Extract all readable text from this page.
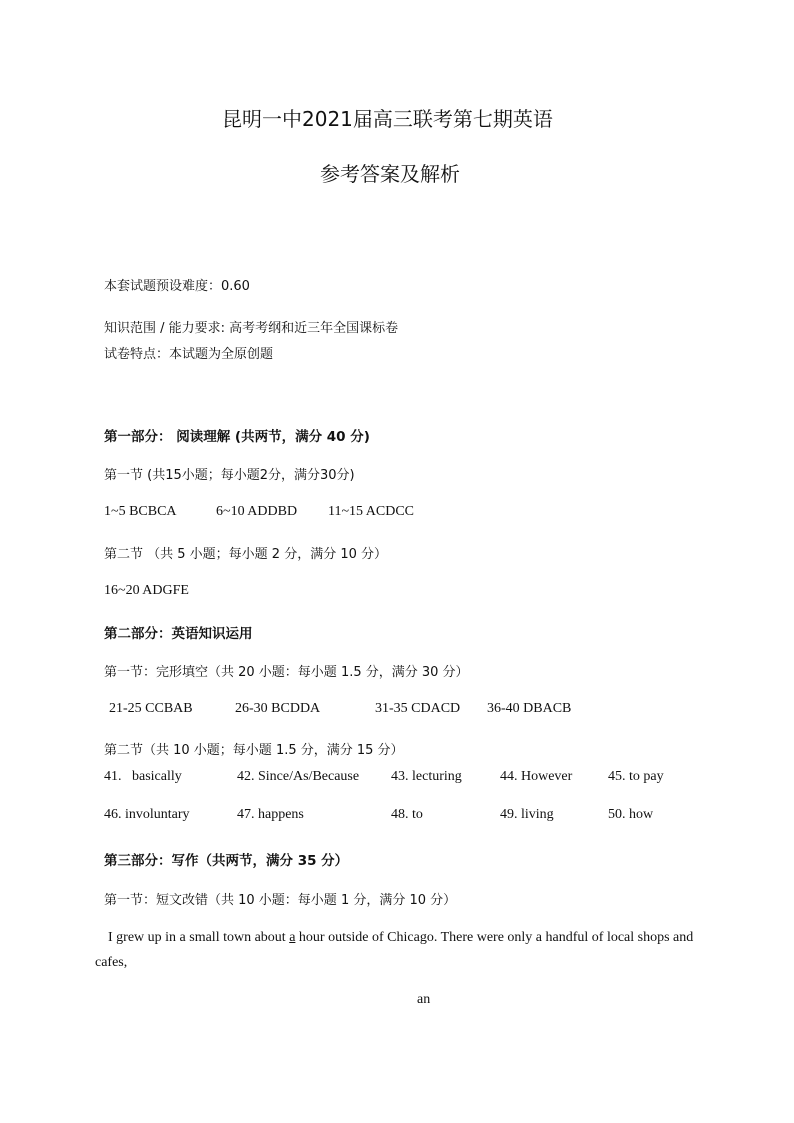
昆明一中2021届高三联考第七期英语
参考答案及解析
本套试题预设难度：0.60
知识范围 / 能力要求: 高考考纲和近三年全国课标卷
试卷特点：本试题为全原创题
第一部分： 阅读理解 (共两节，满分 40 分)
第一节 (共15小题；每小题2分，满分30分)
1~5 BCBCA	6~10 ADDBD 11~15 ACDCC
第二节 （共 5 小题；每小题 2 分，满分 10 分）
16~20 ADGFE
第二部分：英语知识运用
第一节：完形填空（共 20 小题：每小题 1.5 分，满分 30 分）
21-25 CCBAB	26-30 BCDDA	31-35 CDACD 36-40 DBACB
第二节（共 10 小题；每小题 1.5 分，满分 15 分）
41.   basically	42. Since/As/Because 43. lecturing	44. However	45. to pay
46. involuntary	47. happens	48. to	49. living	50. how
第三部分：写作（共两节，满分 35 分）
第一节：短文改错（共 10 小题：每小题 1 分，满分 10 分）
I grew up in a small town about a hour outside of Chicago. There were only a handful of local shops and cafes,
an
